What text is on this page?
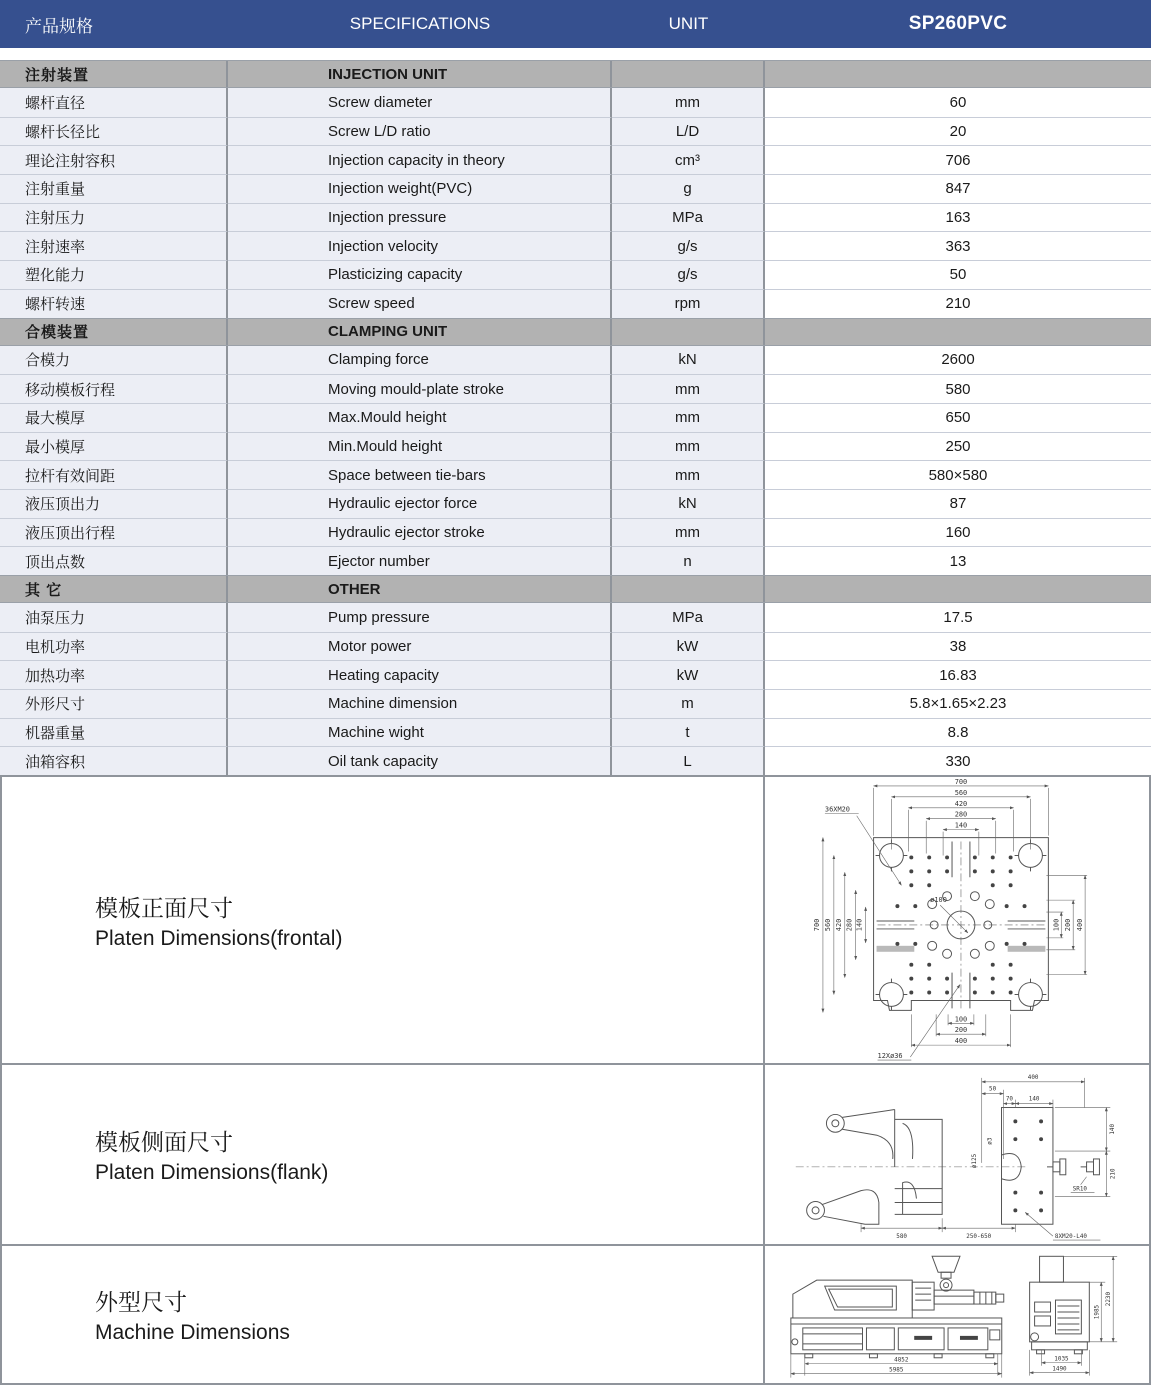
产品规格	SPECIFICATIONS	UNIT	SP260PVC
注射装置	INJECTION UNIT
螺杆直径	Screw diameter	mm	60
螺杆长径比	Screw L/D ratio	L/D	20
理论注射容积	Injection capacity in theory	cm³	706
注射重量	Injection weight(PVC)	g	847
注射压力	Injection pressure	MPa	163
注射速率	Injection velocity	g/s	363
塑化能力	Plasticizing capacity	g/s	50
螺杆转速	Screw speed	rpm	210
合模装置	CLAMPING UNIT
合模力	Clamping force	kN	2600
移动模板行程	Moving mould-plate stroke	mm	580
最大模厚	Max.Mould height	mm	650
最小模厚	Min.Mould height	mm	250
拉杆有效间距	Space between tie-bars	mm	580×580
液压顶出力	Hydraulic ejector force	kN	87
液压顶出行程	Hydraulic ejector stroke	mm	160
顶出点数	Ejector number	n	13
其 它	OTHER
油泵压力	Pump pressure	MPa	17.5
电机功率	Motor power	kW	38
加热功率	Heating capacity	kW	16.83
外形尺寸	Machine dimension	m	5.8×1.65×2.23
机器重量	Machine wight	t	8.8
油箱容积	Oil tank capacity	L	330
模板正面尺寸
Platen Dimensions(frontal)
700
560
420
280
140
700 560 420 280 140	100 200 400
100
200
400
36XM20
ø100
12Xø36
模板侧面尺寸
Platen Dimensions(flank)
400
50
70	140
140
210
ø125
ø3
SR10
580	250-650	8XM20-L40
外型尺寸
Machine Dimensions
4852
5985
1035
1490
1985
2230
